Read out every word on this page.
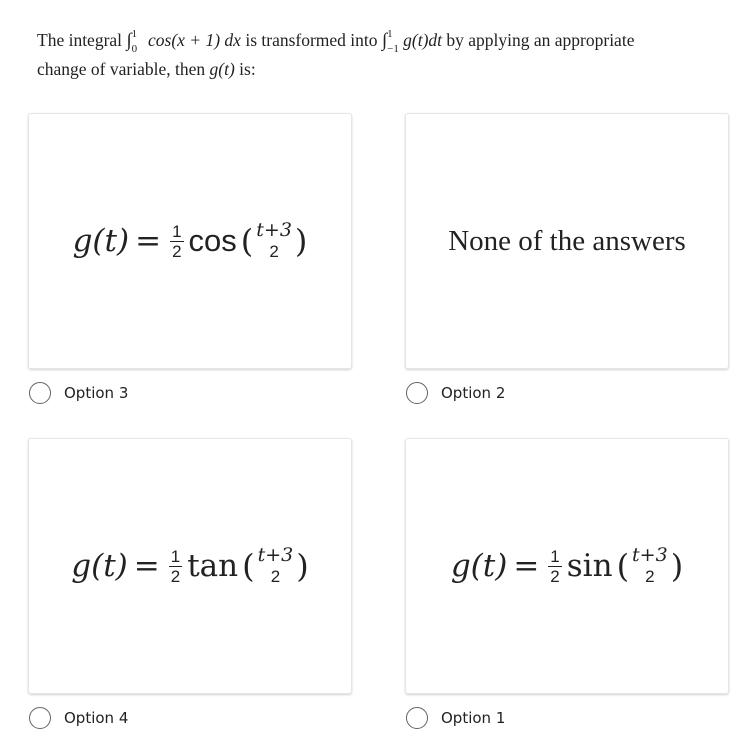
The integral ∫ 1
0 cos(x + 1) dx is transformed into ∫ 1
−1 g(t)dt by applying an appropriate
change of variable, then g(t) is:
$g(t) = \frac{1}{2}$ cos ( t+3
2 )
Option 3
None of the answers
Option 2
$g(t) = \frac{1}{2}$ tan ( t+3
2 )
Option 4
$g(t) = \frac{1}{2}$ sin ( t+3
2 )
Option 1
